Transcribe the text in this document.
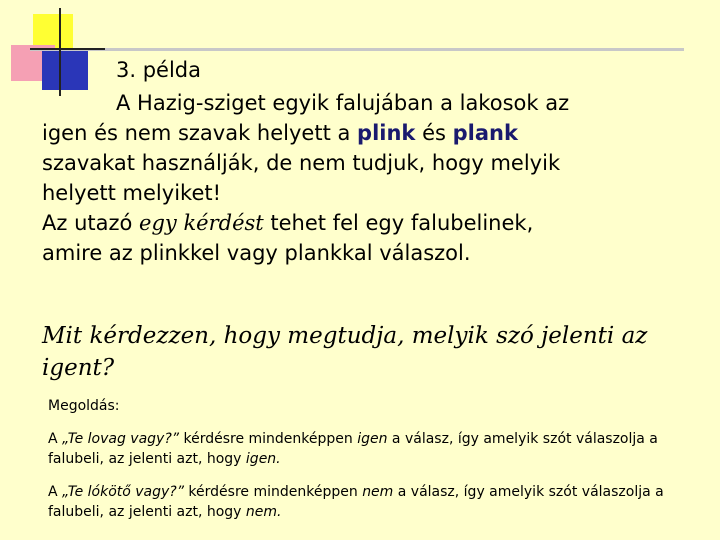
3. példa
A Hazig-sziget egyik falujában a lakosok az
igen és nem szavak helyett a plink és plank
szavakat használják, de nem tudjuk, hogy melyik
helyett melyiket!
Az utazó egy kérdést tehet fel egy falubelinek,
amire az plinkkel vagy plankkal válaszol.
Mit kérdezzen, hogy megtudja, melyik szó jelenti az igent?
Megoldás:
A „Te lovag vagy?” kérdésre mindenképpen igen a válasz, így amelyik szót válaszolja a falubeli, az jelenti azt, hogy igen.
A „Te lókötő vagy?” kérdésre mindenképpen nem a válasz, így amelyik szót válaszolja a falubeli, az jelenti azt, hogy nem.
